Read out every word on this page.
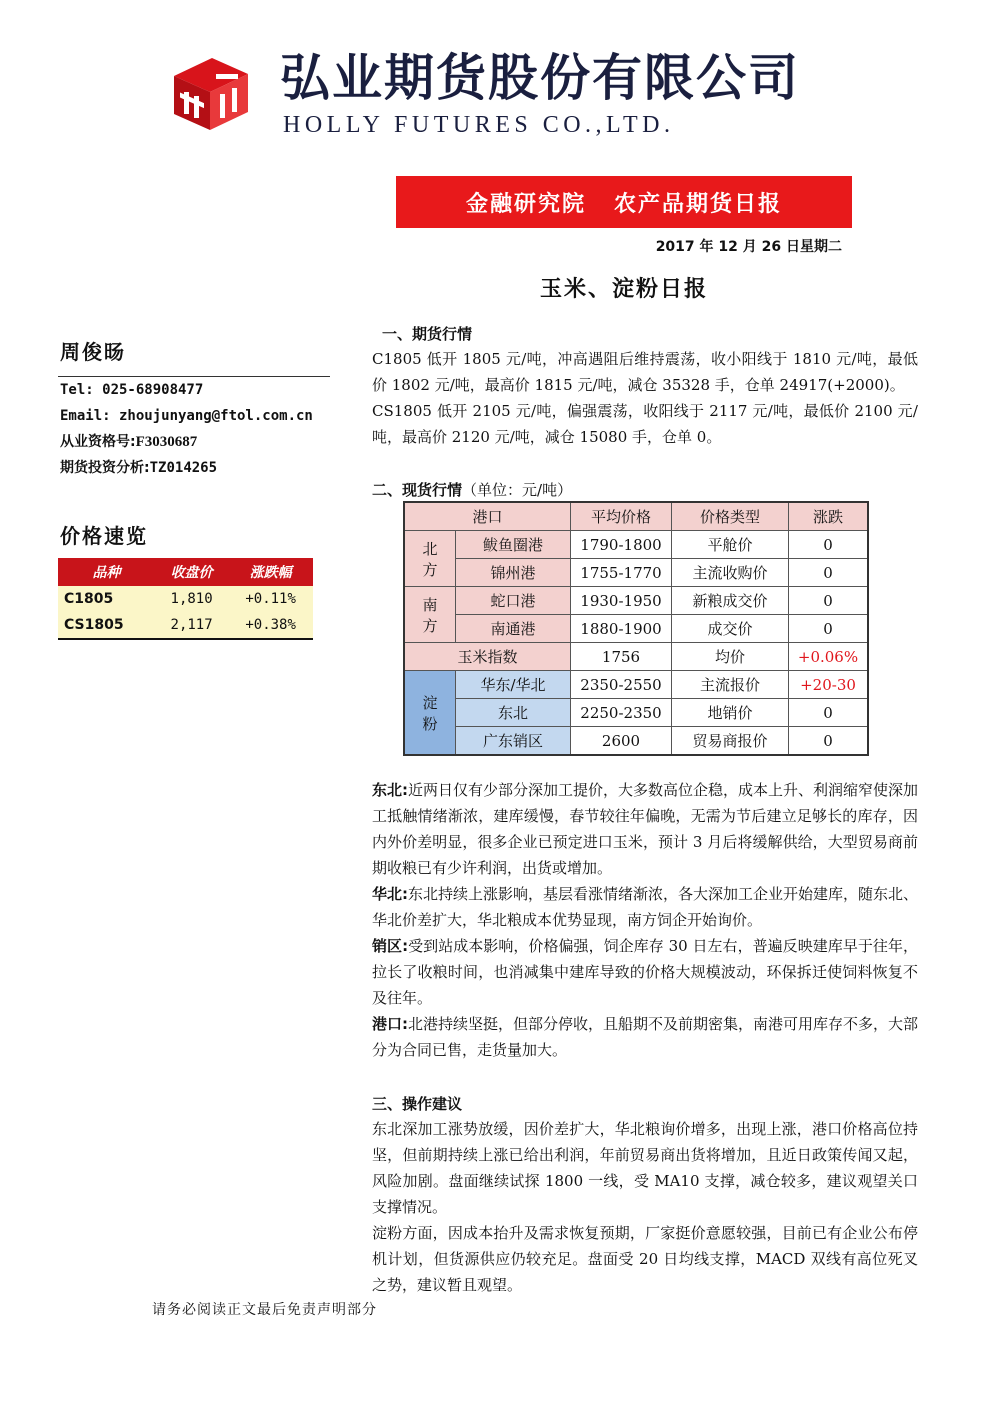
弘业期货股份有限公司
HOLLY FUTURES CO.,LTD.
金融研究院 农产品期货日报
2017 年 12 月 26 日星期二
玉米、淀粉日报
周俊旸
Tel: 025-68908477
Email: zhoujunyang@ftol.com.cn
从业资格号:F3030687
期货投资分析:TZ014265
价格速览
品种	收盘价	涨跌幅
C1805	1,810	+0.11%
CS1805	2,117	+0.38%
一、期货行情
C1805 低开 1805 元/吨，冲高遇阻后维持震荡，收小阳线于 1810 元/吨，最低价 1802 元/吨，最高价 1815 元/吨，减仓 35328 手，仓单 24917(+2000)。
CS1805 低开 2105 元/吨，偏强震荡，收阳线于 2117 元/吨，最低价 2100 元/吨，最高价 2120 元/吨，减仓 15080 手，仓单 0。
二、现货行情（单位：元/吨）
港口		平均价格	价格类型	涨跌
北
方	鲅鱼圈港	1790-1800	平舱价	0
	锦州港	1755-1770	主流收购价	0
南
方	蛇口港	1930-1950	新粮成交价	0
	南通港	1880-1900	成交价	0
玉米指数		1756	均价	+0.06%
淀
粉	华东/华北	2350-2550	主流报价	+20-30
	东北	2250-2350	地销价	0
	广东销区	2600	贸易商报价	0
东北:近两日仅有少部分深加工提价，大多数高位企稳，成本上升、利润缩窄使深加工抵触情绪渐浓，建库缓慢，春节较往年偏晚，无需为节后建立足够长的库存，因内外价差明显，很多企业已预定进口玉米，预计 3 月后将缓解供给，大型贸易商前期收粮已有少许利润，出货或增加。
华北:东北持续上涨影响，基层看涨情绪渐浓，各大深加工企业开始建库，随东北、华北价差扩大，华北粮成本优势显现，南方饲企开始询价。
销区:受到站成本影响，价格偏强，饲企库存 30 日左右，普遍反映建库早于往年，拉长了收粮时间，也消减集中建库导致的价格大规模波动，环保拆迁使饲料恢复不及往年。
港口:北港持续坚挺，但部分停收，且船期不及前期密集，南港可用库存不多，大部分为合同已售，走货量加大。
三、操作建议
东北深加工涨势放缓，因价差扩大，华北粮询价增多，出现上涨，港口价格高位持坚，但前期持续上涨已给出利润，年前贸易商出货将增加，且近日政策传闻又起，风险加剧。盘面继续试探 1800 一线，受 MA10 支撑，减仓较多，建议观望关口支撑情况。
淀粉方面，因成本抬升及需求恢复预期，厂家挺价意愿较强，目前已有企业公布停机计划，但货源供应仍较充足。盘面受 20 日均线支撑，MACD 双线有高位死叉之势，建议暂且观望。
请务必阅读正文最后免责声明部分
